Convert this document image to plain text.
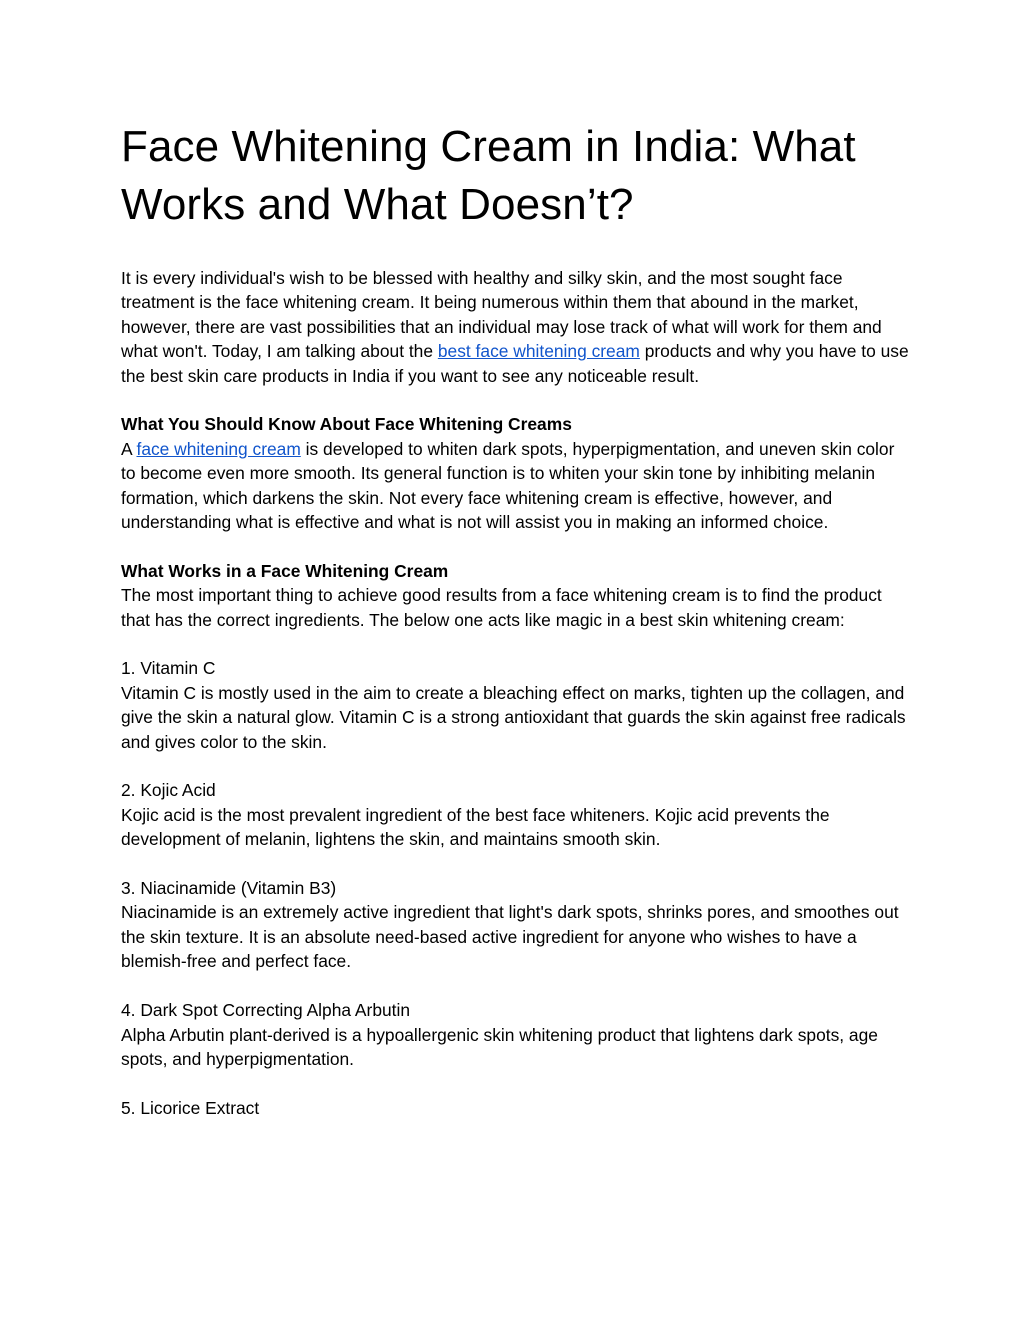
Face Whitening Cream in India: What Works and What Doesn’t?

It is every individual's wish to be blessed with healthy and silky skin, and the most sought face treatment is the face whitening cream. It being numerous within them that abound in the market, however, there are vast possibilities that an individual may lose track of what will work for them and what won't. Today, I am talking about the best face whitening cream products and why you have to use the best skin care products in India if you want to see any noticeable result.

What You Should Know About Face Whitening Creams

A face whitening cream is developed to whiten dark spots, hyperpigmentation, and uneven skin color to become even more smooth. Its general function is to whiten your skin tone by inhibiting melanin formation, which darkens the skin. Not every face whitening cream is effective, however, and understanding what is effective and what is not will assist you in making an informed choice.

What Works in a Face Whitening Cream

The most important thing to achieve good results from a face whitening cream is to find the product that has the correct ingredients. The below one acts like magic in a best skin whitening cream:

1. Vitamin C

Vitamin C is mostly used in the aim to create a bleaching effect on marks, tighten up the collagen, and give the skin a natural glow. Vitamin C is a strong antioxidant that guards the skin against free radicals and gives color to the skin.

2. Kojic Acid

Kojic acid is the most prevalent ingredient of the best face whiteners. Kojic acid prevents the development of melanin, lightens the skin, and maintains smooth skin.

3. Niacinamide (Vitamin B3)

Niacinamide is an extremely active ingredient that light's dark spots, shrinks pores, and smoothes out the skin texture. It is an absolute need-based active ingredient for anyone who wishes to have a blemish-free and perfect face.

4. Dark Spot Correcting Alpha Arbutin

Alpha Arbutin plant-derived is a hypoallergenic skin whitening product that lightens dark spots, age spots, and hyperpigmentation.

5. Licorice Extract
